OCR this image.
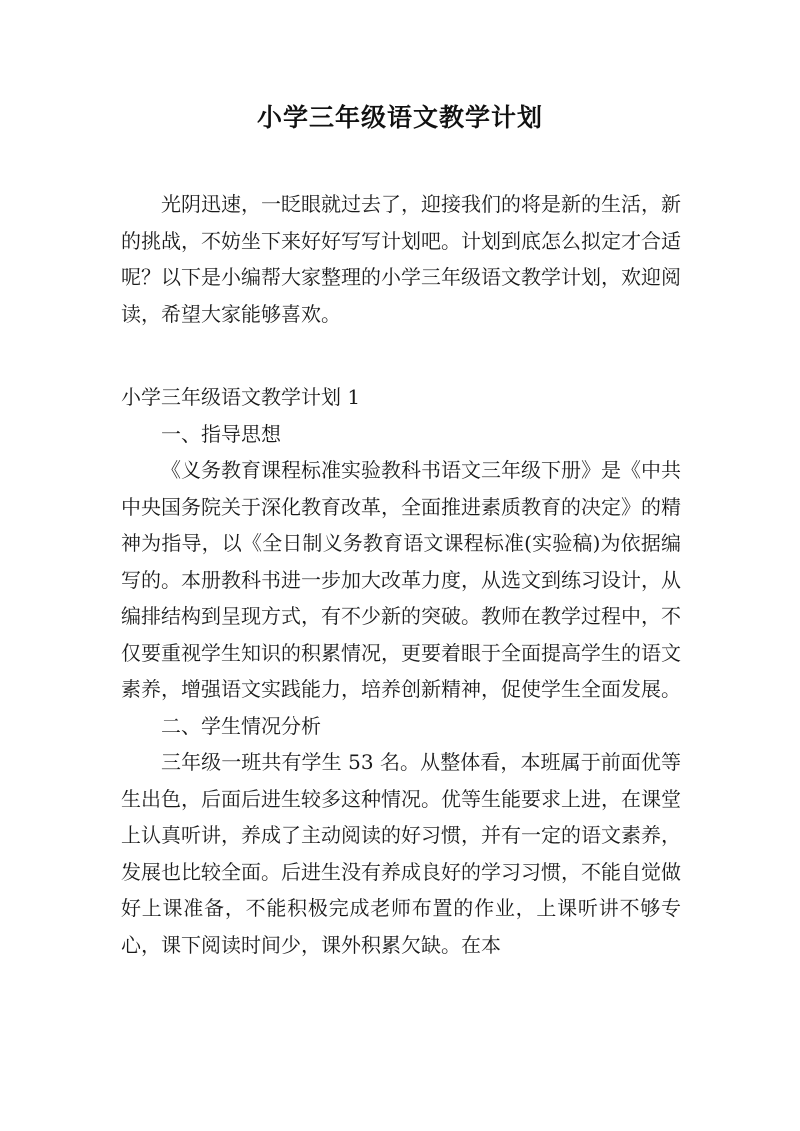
小学三年级语文教学计划

光阴迅速，一眨眼就过去了，迎接我们的将是新的生活，新的挑战，不妨坐下来好好写写计划吧。计划到底怎么拟定才合适呢？以下是小编帮大家整理的小学三年级语文教学计划，欢迎阅读，希望大家能够喜欢。

小学三年级语文教学计划 1

一、指导思想

《义务教育课程标准实验教科书语文三年级下册》是《中共中央国务院关于深化教育改革，全面推进素质教育的决定》的精神为指导，以《全日制义务教育语文课程标准(实验稿)为依据编写的。本册教科书进一步加大改革力度，从选文到练习设计，从编排结构到呈现方式，有不少新的突破。教师在教学过程中，不仅要重视学生知识的积累情况，更要着眼于全面提高学生的语文素养，增强语文实践能力，培养创新精神，促使学生全面发展。

二、学生情况分析

三年级一班共有学生 53 名。从整体看，本班属于前面优等生出色，后面后进生较多这种情况。优等生能要求上进，在课堂上认真听讲，养成了主动阅读的好习惯，并有一定的语文素养，发展也比较全面。后进生没有养成良好的学习习惯，不能自觉做好上课准备，不能积极完成老师布置的作业，上课听讲不够专心，课下阅读时间少，课外积累欠缺。在本
